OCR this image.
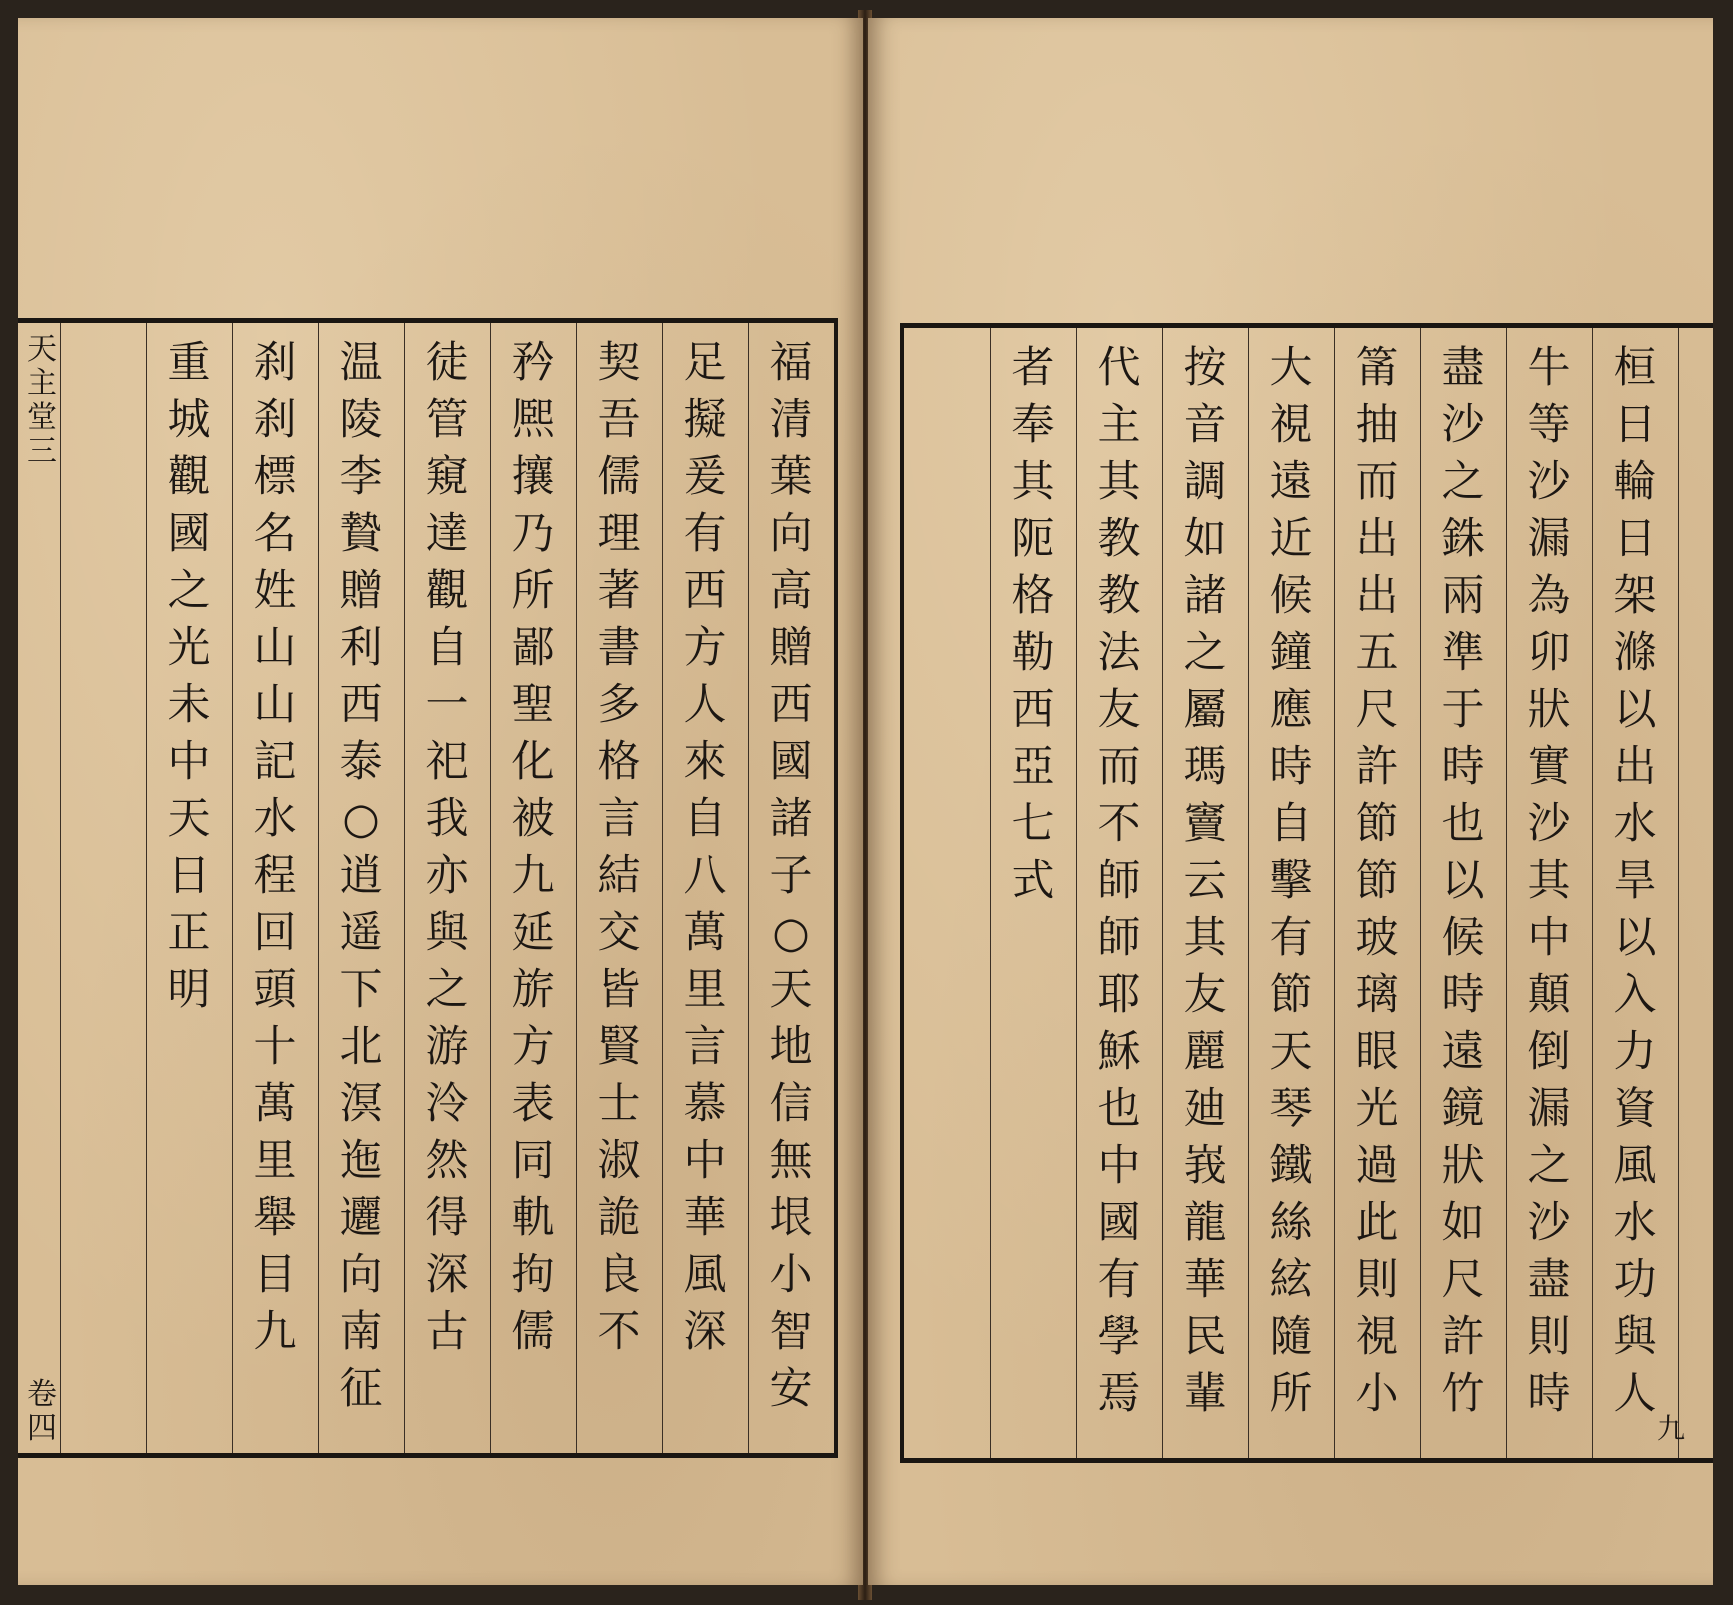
福清葉向高贈西國諸子○天地信無垠小智安
足擬爰有西方人來自八萬里言慕中華風深
契吾儒理著書多格言結交皆賢士淑詭良不
矜熈攘乃所鄙聖化被九延旂方表同軌拘儒
徒管窺達觀自一祀我亦與之游泠然得深古
温陵李贄贈利西泰○逍遥下北溟迤邐向南征
刹刹標名姓山山記水程回頭十萬里舉目九
重城觀國之光未中天日正明
天主堂三
卷四
桓日輪日架滌以出水旱以入力資風水功與人
牛等沙漏為卯狀實沙其中顛倒漏之沙盡則時
盡沙之銖兩準于時也以候時遠鏡狀如尺許竹
筩抽而出出五尺許節節玻璃眼光過此則視小
大視遠近候鐘應時自擊有節天琴鐵絲絃隨所
按音調如諸之屬瑪竇云其友麗廸峩龍華民輩
代主其教教法友而不師師耶穌也中國有學焉
者奉其阨格勒西亞七式
九
